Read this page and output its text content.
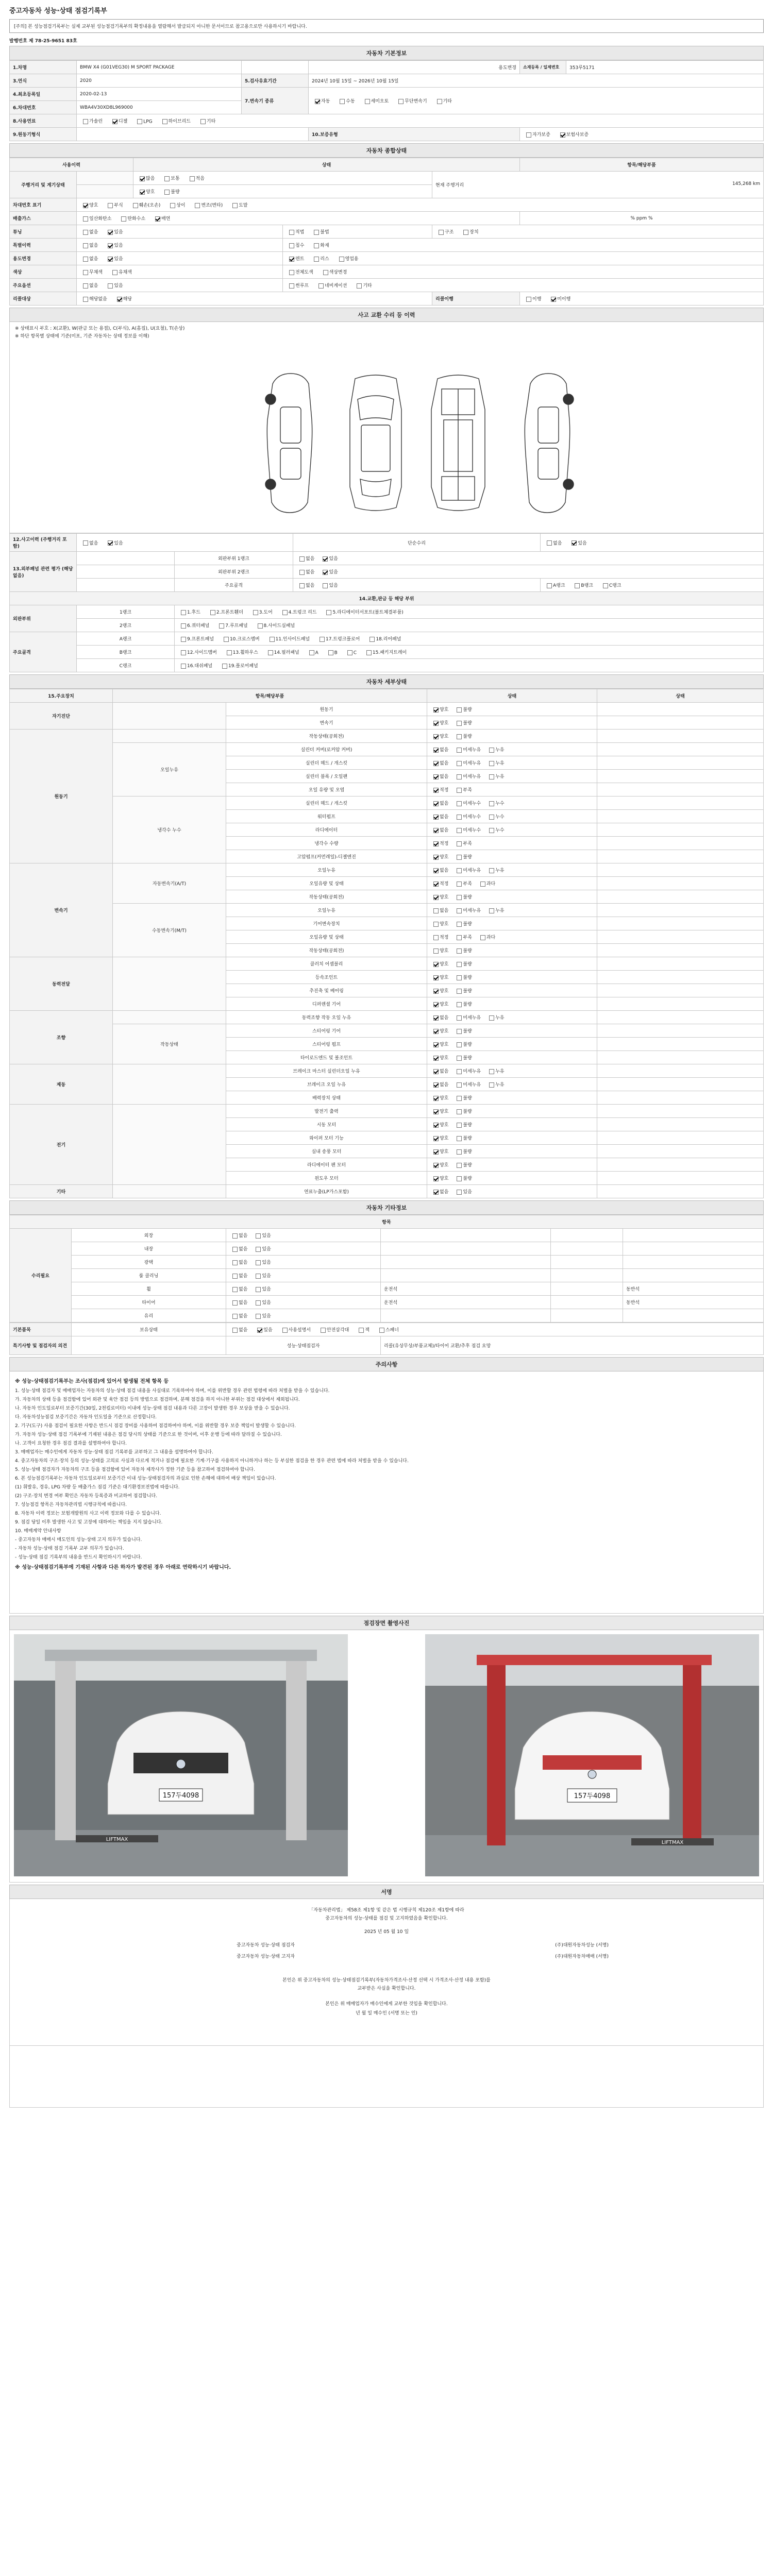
중고자동차 성능·상태 점검기록부
[주의] 본 성능점검기록부는 실제 교부된 성능점검기록부의 확정내용을 열람해서 발급되지 아니한 문서이므로 참고용으로만 사용하시기 바랍니다.
발행번호 제 78-25-9651 83호
자동차 기본정보
1.차명	BMW X4 (G01VEG30) M SPORT PACKAGE		용도변경	소재등록 / 일제변호	353루5171
3.연식	2020	5.검사유효기간	2024년 10월 15일 ~ 2026년 10월 15일		
4.최초등록일	2020-02-13	7.변속기 종류	자동 수동 세미오토 무단변속기 기타		
6.차대번호	WBA4V30XD8L969000				
8.사용연료	가솔린 디젤 LPG 하이브리드 기타				
9.원동기형식			10.보증유형	자가보증 보험사보증	
자동차 종합상태
사용이력		상태			항목/해당부품
주행거리 및 계기상태		많음 보통 적음		현재 주행거리 145,268 km	

		양호 불량			
차대번호 표기	양호 부식 훼손(오손) 상이 변조(변타) 도말				
배출가스	일산화탄소 탄화수소 매연				% ppm %
튜닝	없음 있음		적법 불법	구조 장치	
특별이력	없음 있음		침수 화재		
용도변경	없음 있음		렌트 리스 영업용		
색상	무채색 유채색		전체도색 색상변경		
주요옵션	없음 있음		썬루프 네비게이션 기타		
리콜대상	해당없음 해당			리콜이행	이행 미이행
사고 교환 수리 등 이력
※ 상태표시 부호 : X(교환), W(판금 또는 용접), C(부식), A(흠집), U(요철), T(손상)
※ 하단 항목별 상태에 기준(미포, 기준 자동차는 상태 정보를 이해)
12.사고이력 (주행거리 포함)	없음 있음		단순수리	없음 있음
13.외부패널 관련 평가 (해당없음)		외판부위 1랭크	없음 있음	
		외판부위 2랭크	없음 있음	
		주요골격	없음 있음	A랭크 B랭크 C랭크
14.교환,판금 등 해당 부위				
외판부위	1랭크	1.후드 2.프론트휀더 3.도어 4.트렁크 리드 5.라디에이터서포트(볼트체결부품)		
	2랭크	6.쿼터패널 7.루프패널 8.사이드실패널		
주요골격	A랭크	9.프론트패널 10.크로스멤버 11.인사이드패널 17.트렁크플로어 18.리어패널		
	B랭크	12.사이드멤버 13.휠하우스 14.필러패널 A B C 15.패키지트레이		
	C랭크	16.대쉬패널 19.플로어패널		
자동차 세부상태
15.주요장치	항목/해당부품		상태	상태
자기진단		원동기	양호 불량	
		변속기	양호 불량	
원동기		작동상태(공회전)	양호 불량	
	오일누유	실린더 커버(로커암 커버)	없음 미세누유 누유	
		실린더 헤드 / 개스킷	없음 미세누유 누유	
		실린더 블록 / 오일팬	없음 미세누유 누유	
		오일 유량 및 오염	적정 부족	
	냉각수 누수	실린더 헤드 / 개스킷	없음 미세누수 누수	
		워터펌프	없음 미세누수 누수	
		라디에이터	없음 미세누수 누수	
		냉각수 수량	적정 부족	
		고압펌프(커먼레일)-디젤엔진	양호 불량	
변속기	자동변속기(A/T)	오일누유	없음 미세누유 누유	
		오일유량 및 상태	적정 부족 과다	
		작동상태(공회전)	양호 불량	
	수동변속기(M/T)	오일누유	없음 미세누유 누유	
		기어변속장치	양호 불량	
		오일유량 및 상태	적정 부족 과다	
		작동상태(공회전)	양호 불량	
동력전달		클러치 어셈블리	양호 불량	
		등속조인트	양호 불량	
		추진축 및 베어링	양호 불량	
		디퍼렌셜 기어	양호 불량	
조향		동력조향 작동 오일 누유	없음 미세누유 누유	
	작동상태	스티어링 기어	양호 불량	
		스티어링 펌프	양호 불량	
		타이로드엔드 및 볼조인트	양호 불량	
제동		브레이크 마스터 실린더오일 누유	없음 미세누유 누유	
		브레이크 오일 누유	없음 미세누유 누유	
		배력장치 상태	양호 불량	
전기		발전기 출력	양호 불량	
		시동 모터	양호 불량	
		와이퍼 모터 기능	양호 불량	
		실내 송풍 모터	양호 불량	
		라디에이터 팬 모터	양호 불량	
		윈도우 모터	양호 불량	
기타		연료누출(LP가스포함)	없음 있음	
자동차 기타정보
항목					
수리필요	외장	없음 있음			
	내장	없음 있음			
	광택	없음 있음			
	룸 클리닝	없음 있음			
	휠	없음 있음	운전석		동반석
	타이어	없음 있음	운전석		동반석
	유리	없음 있음			
기본품목	보유상태	없음 있음 사용설명서 안전삼각대 잭 스패너	
특기사항 및 점검자의 의견		성능·상태점검자	리콜(유상무상/부품교체)/타이어 교환/추후 점검 요망
주의사항

※ 성능·상태점검기록부는 조사(점검)에 있어서 발생될 전체 항목 등

1. 성능·상태 점검자 및 매매업자는 자동차의 성능·상태 점검 내용을 사실대로 기록하여야 하며, 이를 위반할 경우 관련 법령에 따라 처벌을 받을 수 있습니다.

가. 자동차의 상태 등을 점검함에 있어 외관 및 육안 점검 등의 방법으로 점검하며, 분해 점검을 하지 아니한 부위는 점검 대상에서 제외됩니다.

나. 자동차 인도일로부터 보증기간(30일, 2천킬로미터) 이내에 성능·상태 점검 내용과 다른 고장이 발생한 경우 보상을 받을 수 있습니다.

다. 자동차성능점검 보증기간은 자동차 인도일을 기준으로 산정합니다.

2. 기구(도구) 사용 점검이 필요한 사항은 반드시 점검 장비를 사용하여 점검하여야 하며, 이를 위반할 경우 보증 책임이 발생할 수 있습니다.

가. 자동차 성능·상태 점검 기록부에 기재된 내용은 점검 당시의 상태를 기준으로 한 것이며, 이후 운행 등에 따라 달라질 수 있습니다.

나. 고객이 요청한 경우 점검 결과를 설명하여야 합니다.

3. 매매업자는 매수인에게 자동차 성능·상태 점검 기록부를 교부하고 그 내용을 설명하여야 합니다.

4. 중고자동차의 구조·장치 등의 성능·상태를 고의로 사실과 다르게 적거나 점검에 필요한 기계·기구를 사용하지 아니하거나 하는 등 부실한 점검을 한 경우 관련 법에 따라 처벌을 받을 수 있습니다.

5. 성능·상태 점검자가 자동차의 구조 등을 점검함에 있어 자동차 제작사가 정한 기준 등을 참고하여 점검하여야 합니다.

6. 본 성능점검기록부는 자동차 인도일로부터 보증기간 이내 성능·상태점검자의 과실로 인한 손해에 대하여 배상 책임이 있습니다.

(1) 휘발유, 경유, LPG 차량 등 배출가스 점검 기준은 대기환경보전법에 따릅니다.

(2) 구조·장치 변경 여부 확인은 자동차 등록증과 비교하여 점검합니다.

7. 성능점검 항목은 자동차관리법 시행규칙에 따릅니다.

8. 자동차 이력 정보는 보험개발원의 사고 이력 정보와 다를 수 있습니다.

9. 점검 당일 이후 발생한 사고 및 고장에 대하여는 책임을 지지 않습니다.

10. 매매계약 안내사항

- 중고자동차 매매시 매도인의 성능·상태 고지 의무가 있습니다.

- 자동차 성능·상태 점검 기록부 교부 의무가 있습니다.

- 성능·상태 점검 기록부의 내용을 반드시 확인하시기 바랍니다.

※ 성능·상태점검기록부에 기재된 사항과 다른 하자가 발견된 경우 아래로 연락하시기 바랍니다.

점검장면 촬영사진
157두4098
LIFTMAX
157두4098
LIFTMAX
서명
「자동차관리법」 제58조 제1항 및 같은 법 시행규칙 제120조 제1항에 따라
중고자동차의 성능·상태를 점검 및 고지하였음을 확인합니다.
2025 년 05 월 10 일
중고자동차 성능·상태 점검자	(주)대원자동차성능 (서명)
중고자동차 성능·상태 고지자	(주)대원자동차매매 (서명)
본인은 위 중고자동차의 성능·상태점검기록부(자동차가격조사·산정 선택 시 가격조사·산정 내용 포함)를
교부받은 사실을 확인합니다.
본인은 위 매매업자가 매수인에게 교부한 것임을 확인합니다.
년 월 일 매수인 (서명 또는 인)
